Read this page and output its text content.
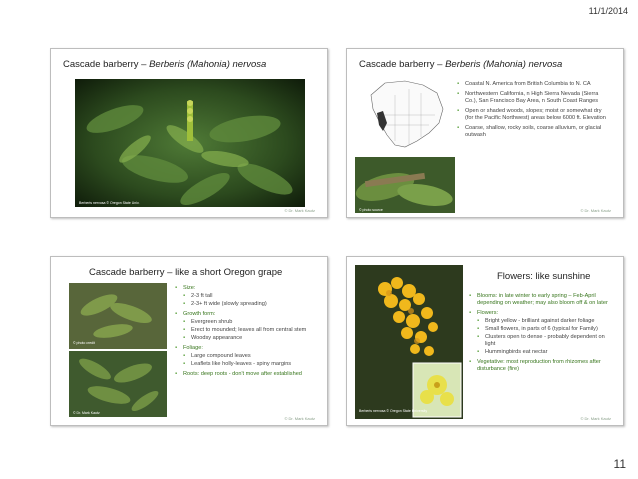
11/1/2014
Cascade barberry – Berberis (Mahonia) nervosa
Berberis nervosa © Oregon State Univ.
© Dr. Mark Kautz
Cascade barberry – Berberis (Mahonia) nervosa
© photo source
▪ Coastal N. America from British Columbia to N. CA
▪ Northwestern California, n High Sierra Nevada (Sierra Co.), San Francisco Bay Area, n South Coast Ranges
▪ Open or shaded woods, slopes; moist or somewhat dry (for the Pacific Northwest) areas below 6000 ft. Elevation
▪ Coarse, shallow, rocky soils, coarse alluvium, or glacial outwash
© Dr. Mark Kautz
Cascade barberry – like a short Oregon grape
© photo credit
© Dr. Mark Kautz
▪ Size:
▪ 2-3 ft tall
▪ 2-3+ ft wide (slowly spreading)
▪ Growth form:
▪ Evergreen shrub
▪ Erect to mounded; leaves all from central stem
▪ Woodsy appearance
▪ Foliage:
▪ Large compound leaves
▪ Leaflets like holly-leaves - spiny margins
▪ Roots: deep roots - don't move after established
© Dr. Mark Kautz
Berberis nervosa © Oregon State University
Flowers: like sunshine
▪ Blooms: in late winter to early spring – Feb-April depending on weather; may also bloom off & on later
▪ Flowers:
▪ Bright yellow - brilliant against darker foliage
▪ Small flowers, in parts of 6 (typical for Family)
▪ Clusters open to dense - probably dependent on light
▪ Hummingbirds eat nectar
▪ Vegetative: most reproduction from rhizomes after disturbance (fire)
© Dr. Mark Kautz
11
